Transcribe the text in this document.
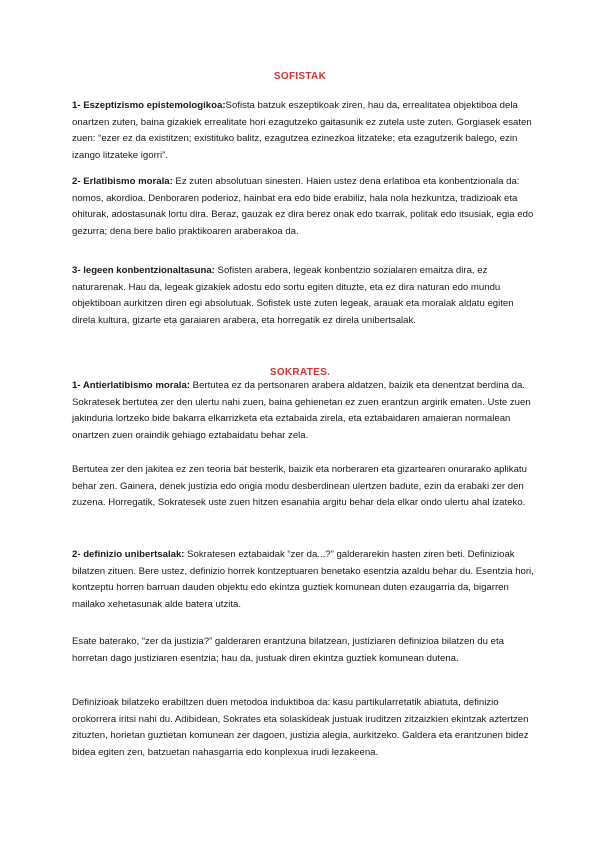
SOFISTAK

1- Eszeptizismo epistemologikoa:Sofista batzuk eszeptikoak ziren, hau da, errealitatea objektiboa dela onartzen zuten, baina gizakiek errealitate hori ezagutzeko gaitasunik ez zutela uste zuten. Gorgiasek esaten zuen: “ezer ez da existitzen; existituko balitz, ezagutzea ezinezkoa litzateke; eta ezagutzerik balego, ezin izango litzateke igorri”.

2- Erlatibismo morala: Ez zuten absolutuan sinesten. Haien ustez dena erlatiboa eta konbentzionala da: nomos, akordioa. Denboraren poderioz, hainbat era edo bide erabiliz, hala nola hezkuntza, tradizioak eta ohiturak, adostasunak lortu dira. Beraz, gauzak ez dira berez onak edo txarrak, politak edo itsusiak, egia edo gezurra; dena bere balio praktikoaren araberakoa da.

3- legeen konbentzionaltasuna: Sofisten arabera, legeak konbentzio sozialaren emaitza dira, ez naturarenak. Hau da, legeak gizakiek adostu edo sortu egiten dituzte, eta ez dira naturan edo mundu objektiboan aurkitzen diren egi absolutuak. Sofistek uste zuten legeak, arauak eta moralak aldatu egiten direla kultura, gizarte eta garaiaren arabera, eta horregatik ez direla unibertsalak.

SOKRATES.

1- Antierlatibismo morala: Bertutea ez da pertsonaren arabera aldatzen, baizik eta denentzat berdina da. Sokratesek bertutea zer den ulertu nahi zuen, baina gehienetan ez zuen erantzun argirik ematen. Uste zuen jakinduria lortzeko bide bakarra elkarrizketa eta eztabaida zirela, eta eztabaidaren amaieran normalean onartzen zuen oraindik gehiago eztabaidatu behar zela.

Bertutea zer den jakitea ez zen teoria bat besterik, baizik eta norberaren eta gizartearen onurarako aplikatu behar zen. Gainera, denek justizia edo ongia modu desberdinean ulertzen badute, ezin da erabaki zer den zuzena. Horregatik, Sokratesek uste zuen hitzen esanahia argitu behar dela elkar ondo ulertu ahal izateko.

2- definizio unibertsalak: Sokratesen eztabaidak “zer da...?” galderarekin hasten ziren beti. Definizioak bilatzen zituen. Bere ustez, definizio horrek kontzeptuaren benetako esentzia azaldu behar du. Esentzia hori, kontzeptu horren barruan dauden objektu edo ekintza guztiek komunean duten ezaugarria da, bigarren mailako xehetasunak alde batera utzita.

Esate baterako, “zer da justizia?” galderaren erantzuna bilatzean, justiziaren definizioa bilatzen du eta horretan dago justiziaren esentzia; hau da, justuak diren ekintza guztiek komunean dutena.

Definizioak bilatzeko erabiltzen duen metodoa induktiboa da: kasu partikularretatik abiatuta, definizio orokorrera iritsi nahi du. Adibidean, Sokrates eta solaskideak justuak iruditzen zitzaizkien ekintzak aztertzen zituzten, horietan guztietan komunean zer dagoen, justizia alegia, aurkitzeko. Galdera eta erantzunen bidez bidea egiten zen, batzuetan nahasgarria edo konplexua irudi lezakeena.
